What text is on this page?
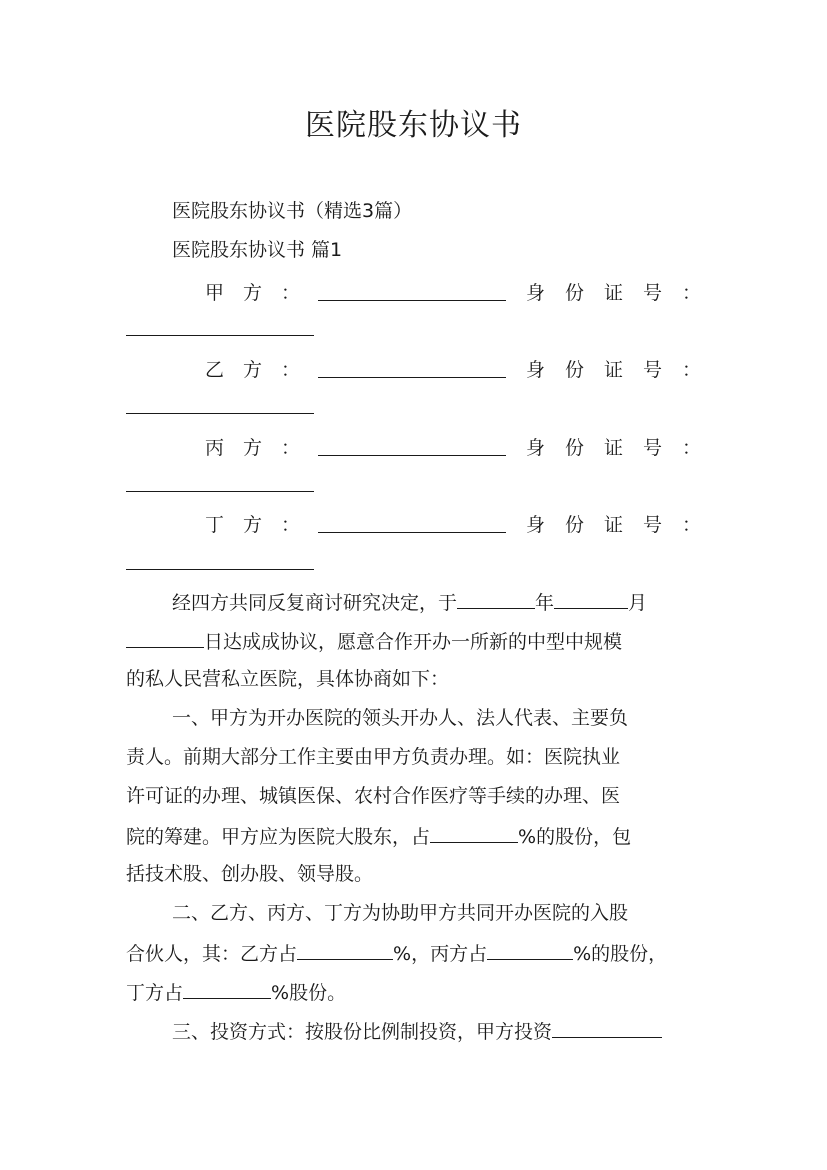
医院股东协议书
医院股东协议书（精选3篇）
医院股东协议书 篇1
甲 方 ：	身 份 证 号 ：
乙 方 ：	身 份 证 号 ：
丙 方 ：	身 份 证 号 ：
丁 方 ：	身 份 证 号 ：
经四方共同反复商讨研究决定，于	年	月
日达成成协议，愿意合作开办一所新的中型中规模
的私人民营私立医院，具体协商如下：
一、甲方为开办医院的领头开办人、法人代表、主要负
责人。前期大部分工作主要由甲方负责办理。如：医院执业
许可证的办理、城镇医保、农村合作医疗等手续的办理、医
院的筹建。甲方应为医院大股东，占	%的股份，包
括技术股、创办股、领导股。
二、乙方、丙方、丁方为协助甲方共同开办医院的入股
合伙人，其：乙方占	%，丙方占	%的股份，
丁方占	%股份。
三、投资方式：按股份比例制投资，甲方投资
